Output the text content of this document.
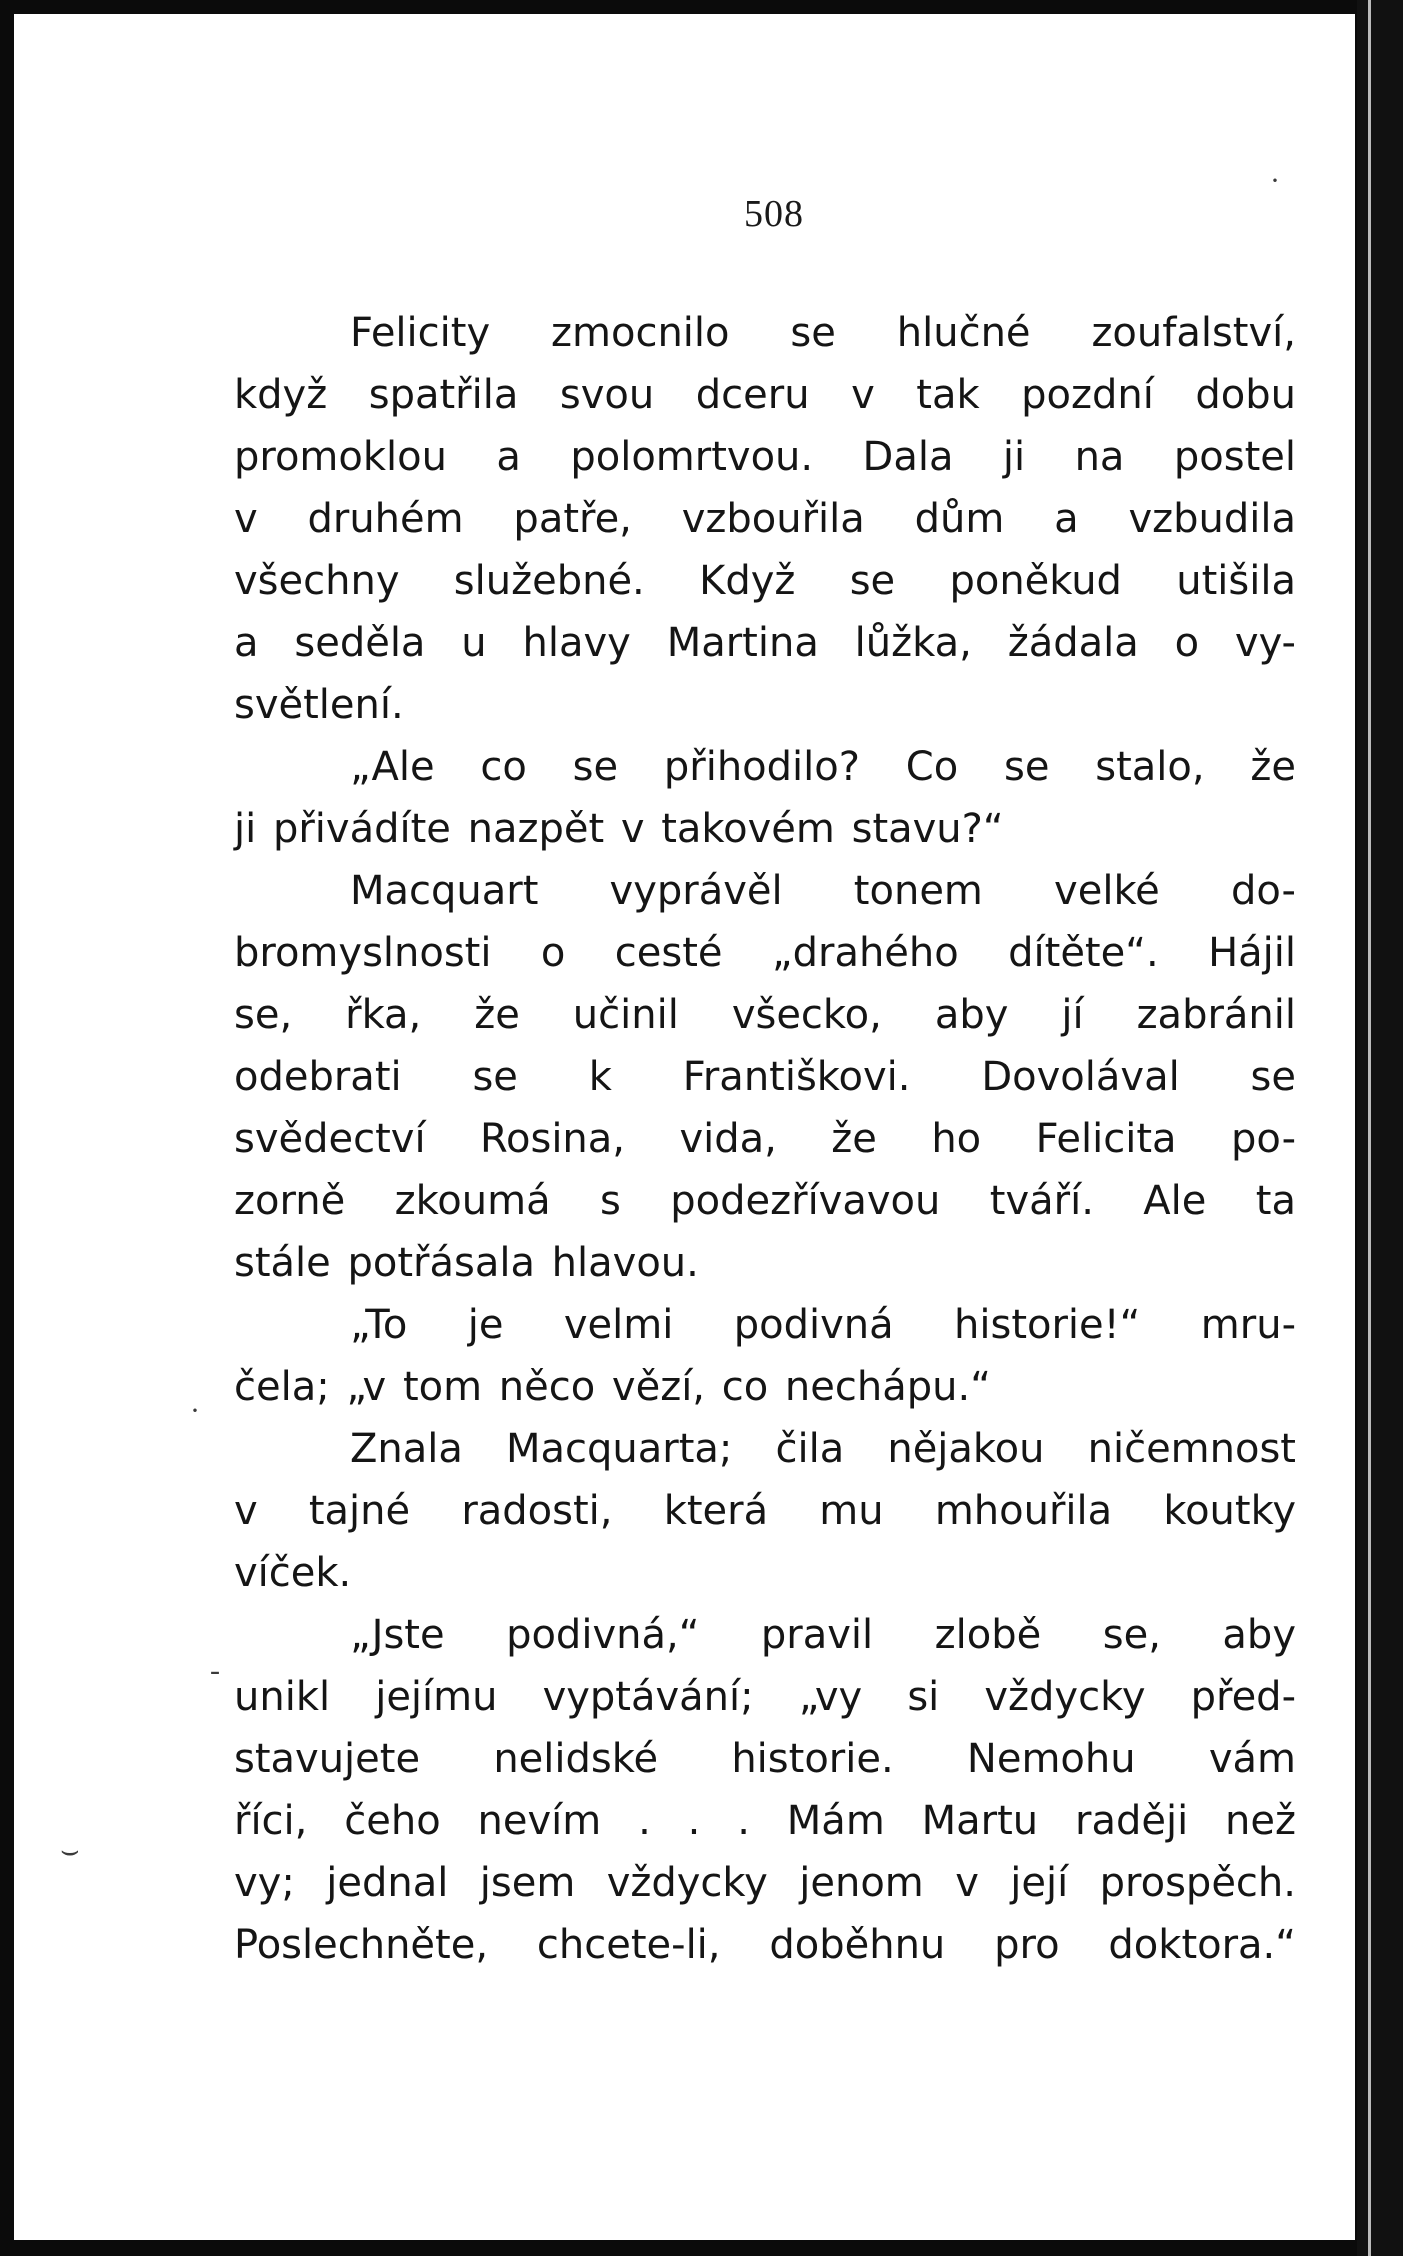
508
Felicity zmocnilo se hlučné zoufalství,
když spatřila svou dceru v tak pozdní dobu
promoklou a polomrtvou. Dala ji na postel
v druhém patře, vzbouřila dům a vzbudila
všechny služebné. Když se poněkud utišila
a seděla u hlavy Martina lůžka, žádala o vy-
světlení.
„Ale co se přihodilo? Co se stalo, že
ji přivádíte nazpět v takovém stavu?“
Macquart vyprávěl tonem velké do-
bromyslnosti o cesté „drahého dítěte“. Hájil
se, řka, že učinil všecko, aby jí zabránil
odebrati se k Františkovi. Dovolával se
svědectví Rosina, vida, že ho Felicita po-
zorně zkoumá s podezřívavou tváří. Ale ta
stále potřásala hlavou.
„To je velmi podivná historie!“ mru-
čela; „v tom něco vězí, co nechápu.“
Znala Macquarta; čila nějakou ničemnost
v tajné radosti, která mu mhouřila koutky
víček.
„Jste podivná,“ pravil zlobě se, aby
unikl jejímu vyptávání; „vy si vždycky před-
stavujete nelidské historie. Nemohu vám
říci, čeho nevím . . . Mám Martu raději než
vy; jednal jsem vždycky jenom v její prospěch.
Poslechněte, chcete-li, doběhnu pro doktora.“
·
·
-
⌣
